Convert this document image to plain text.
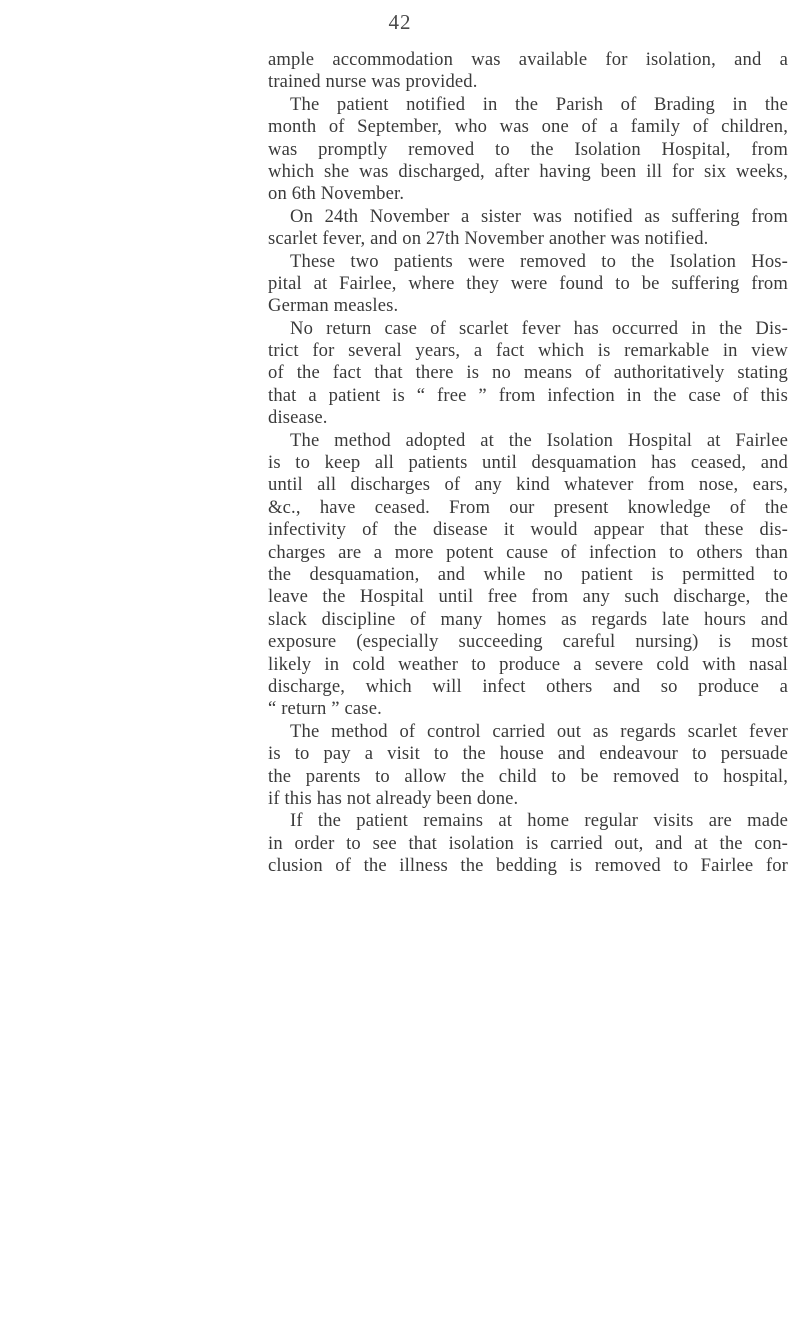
42
ample accommodation was available for isolation, and a
trained nurse was provided.
The patient notified in the Parish of Brading in the
month of September, who was one of a family of children,
was promptly removed to the Isolation Hospital, from
which she was discharged, after having been ill for six weeks,
on 6th November.
On 24th November a sister was notified as suffering from
scarlet fever, and on 27th November another was notified.
These two patients were removed to the Isolation Hos-
pital at Fairlee, where they were found to be suffering from
German measles.
No return case of scarlet fever has occurred in the Dis-
trict for several years, a fact which is remarkable in view
of the fact that there is no means of authoritatively stating
that a patient is “ free ” from infection in the case of this
disease.
The method adopted at the Isolation Hospital at Fairlee
is to keep all patients until desquamation has ceased, and
until all discharges of any kind whatever from nose, ears,
&c., have ceased. From our present knowledge of the
infectivity of the disease it would appear that these dis-
charges are a more potent cause of infection to others than
the desquamation, and while no patient is permitted to
leave the Hospital until free from any such discharge, the
slack discipline of many homes as regards late hours and
exposure (especially succeeding careful nursing) is most
likely in cold weather to produce a severe cold with nasal
discharge, which will infect others and so produce a
“ return ” case.
The method of control carried out as regards scarlet fever
is to pay a visit to the house and endeavour to persuade
the parents to allow the child to be removed to hospital,
if this has not already been done.
If the patient remains at home regular visits are made
in order to see that isolation is carried out, and at the con-
clusion of the illness the bedding is removed to Fairlee for
